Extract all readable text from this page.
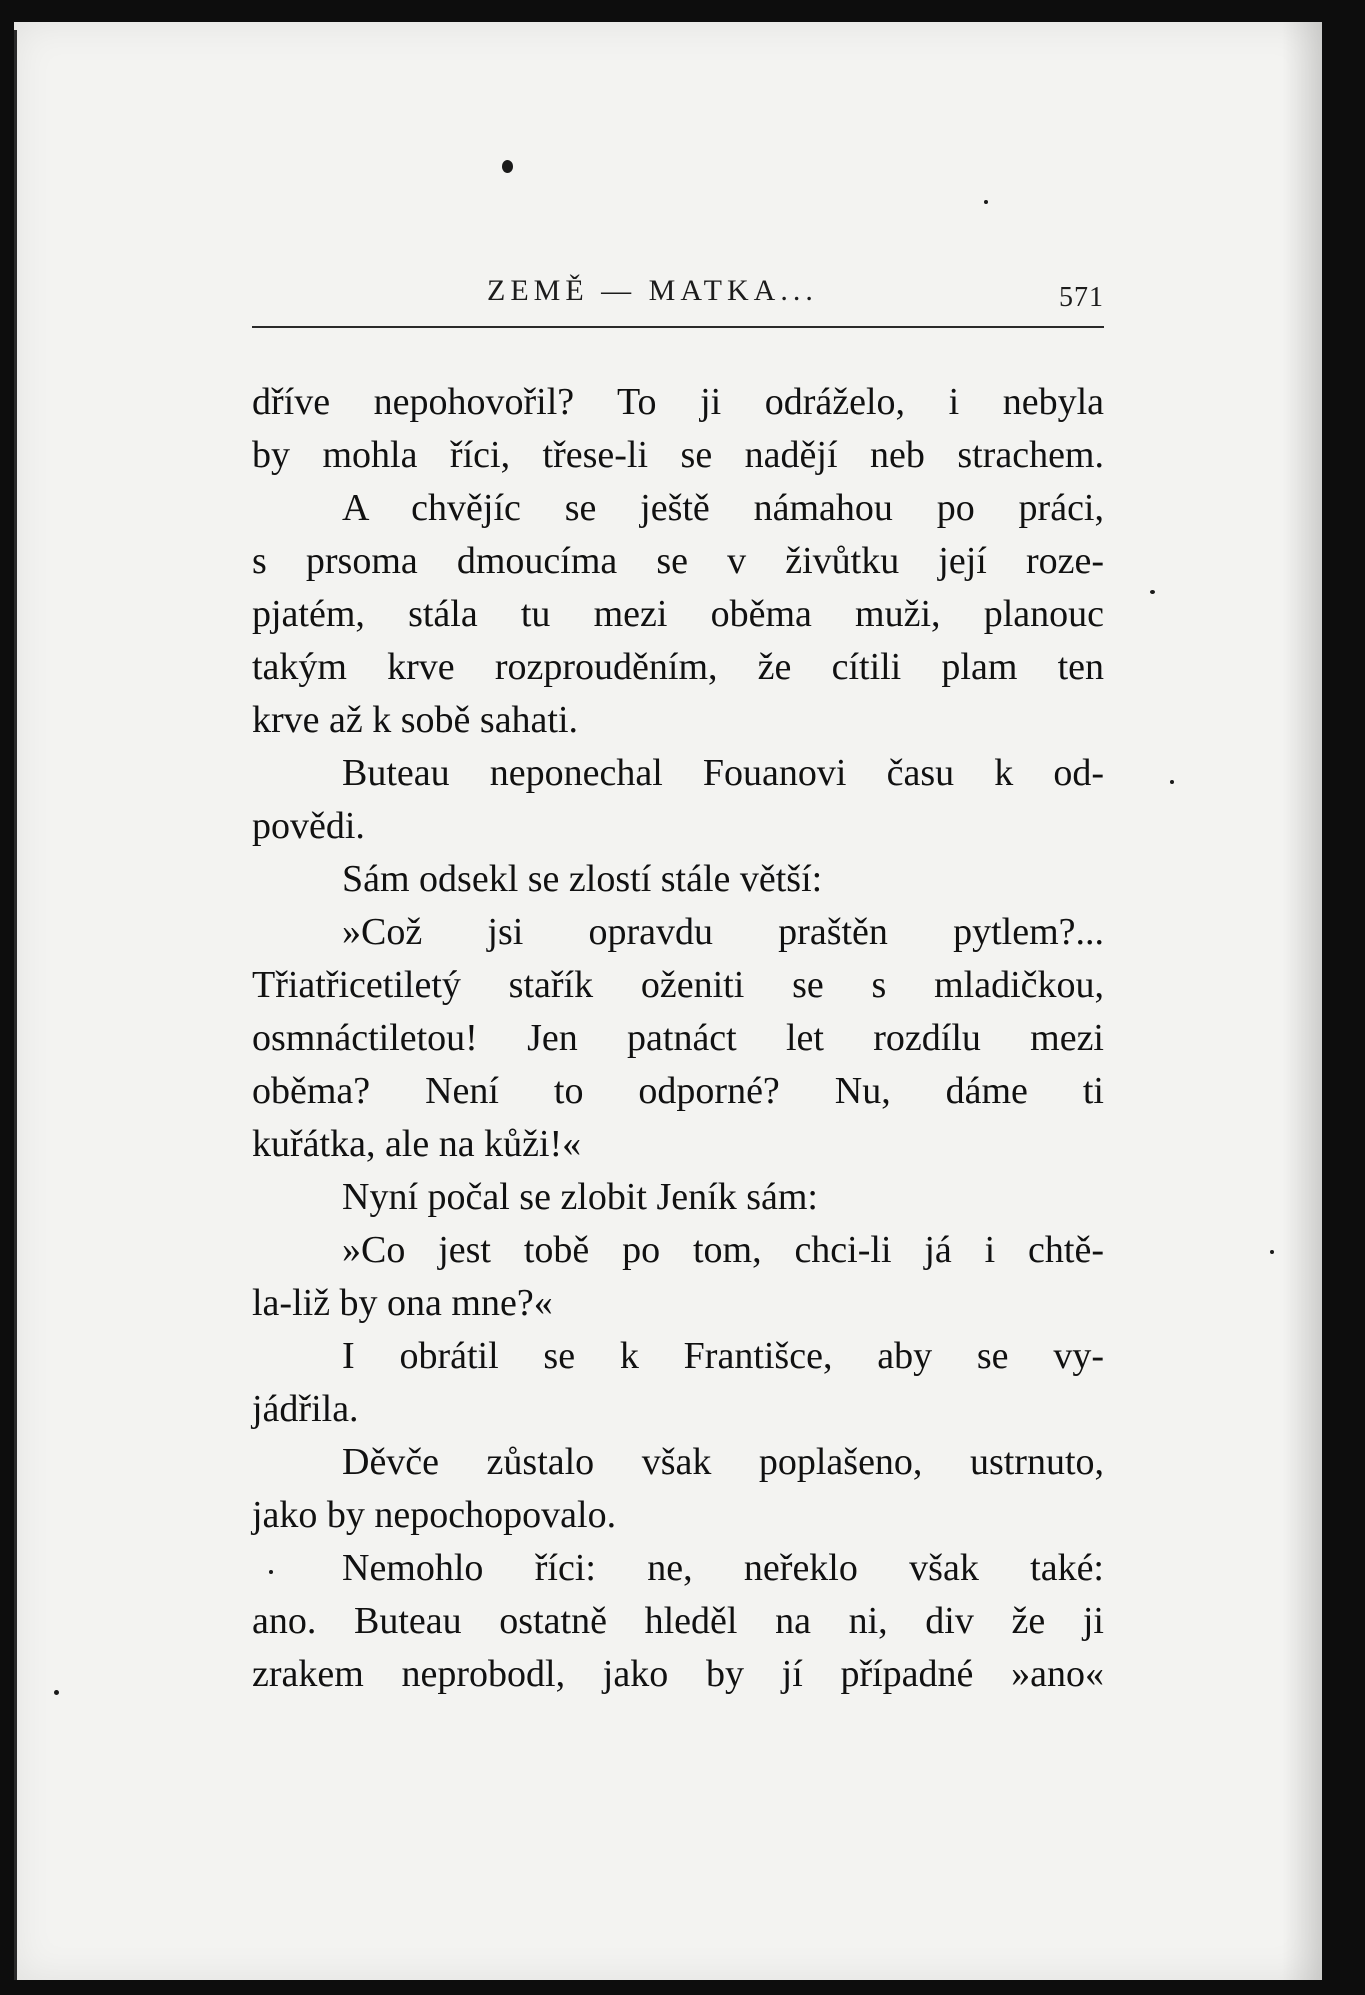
ZEMĚ — MATKA...	571
dříve nepohovořil? To ji odráželo, i nebyla
by mohla říci, třese-li se nadějí neb strachem.
A chvějíc se ještě námahou po práci,
s prsoma dmoucíma se v živůtku její roze-
pjatém, stála tu mezi oběma muži, planouc
takým krve rozprouděním, že cítili plam ten
krve až k sobě sahati.
Buteau neponechal Fouanovi času k od-
povědi.
Sám odsekl se zlostí stále větší:
»Což jsi opravdu praštěn pytlem?...
Třiatřicetiletý stařík oženiti se s mladičkou,
osmnáctiletou! Jen patnáct let rozdílu mezi
oběma? Není to odporné? Nu, dáme ti
kuřátka, ale na kůži!«
Nyní počal se zlobit Jeník sám:
»Co jest tobě po tom, chci-li já i chtě-
la-liž by ona mne?«
I obrátil se k Františce, aby se vy-
jádřila.
Děvče zůstalo však poplašeno, ustrnuto,
jako by nepochopovalo.
Nemohlo říci: ne, neřeklo však také:
ano. Buteau ostatně hleděl na ni, div že ji
zrakem neprobodl, jako by jí případné »ano«
